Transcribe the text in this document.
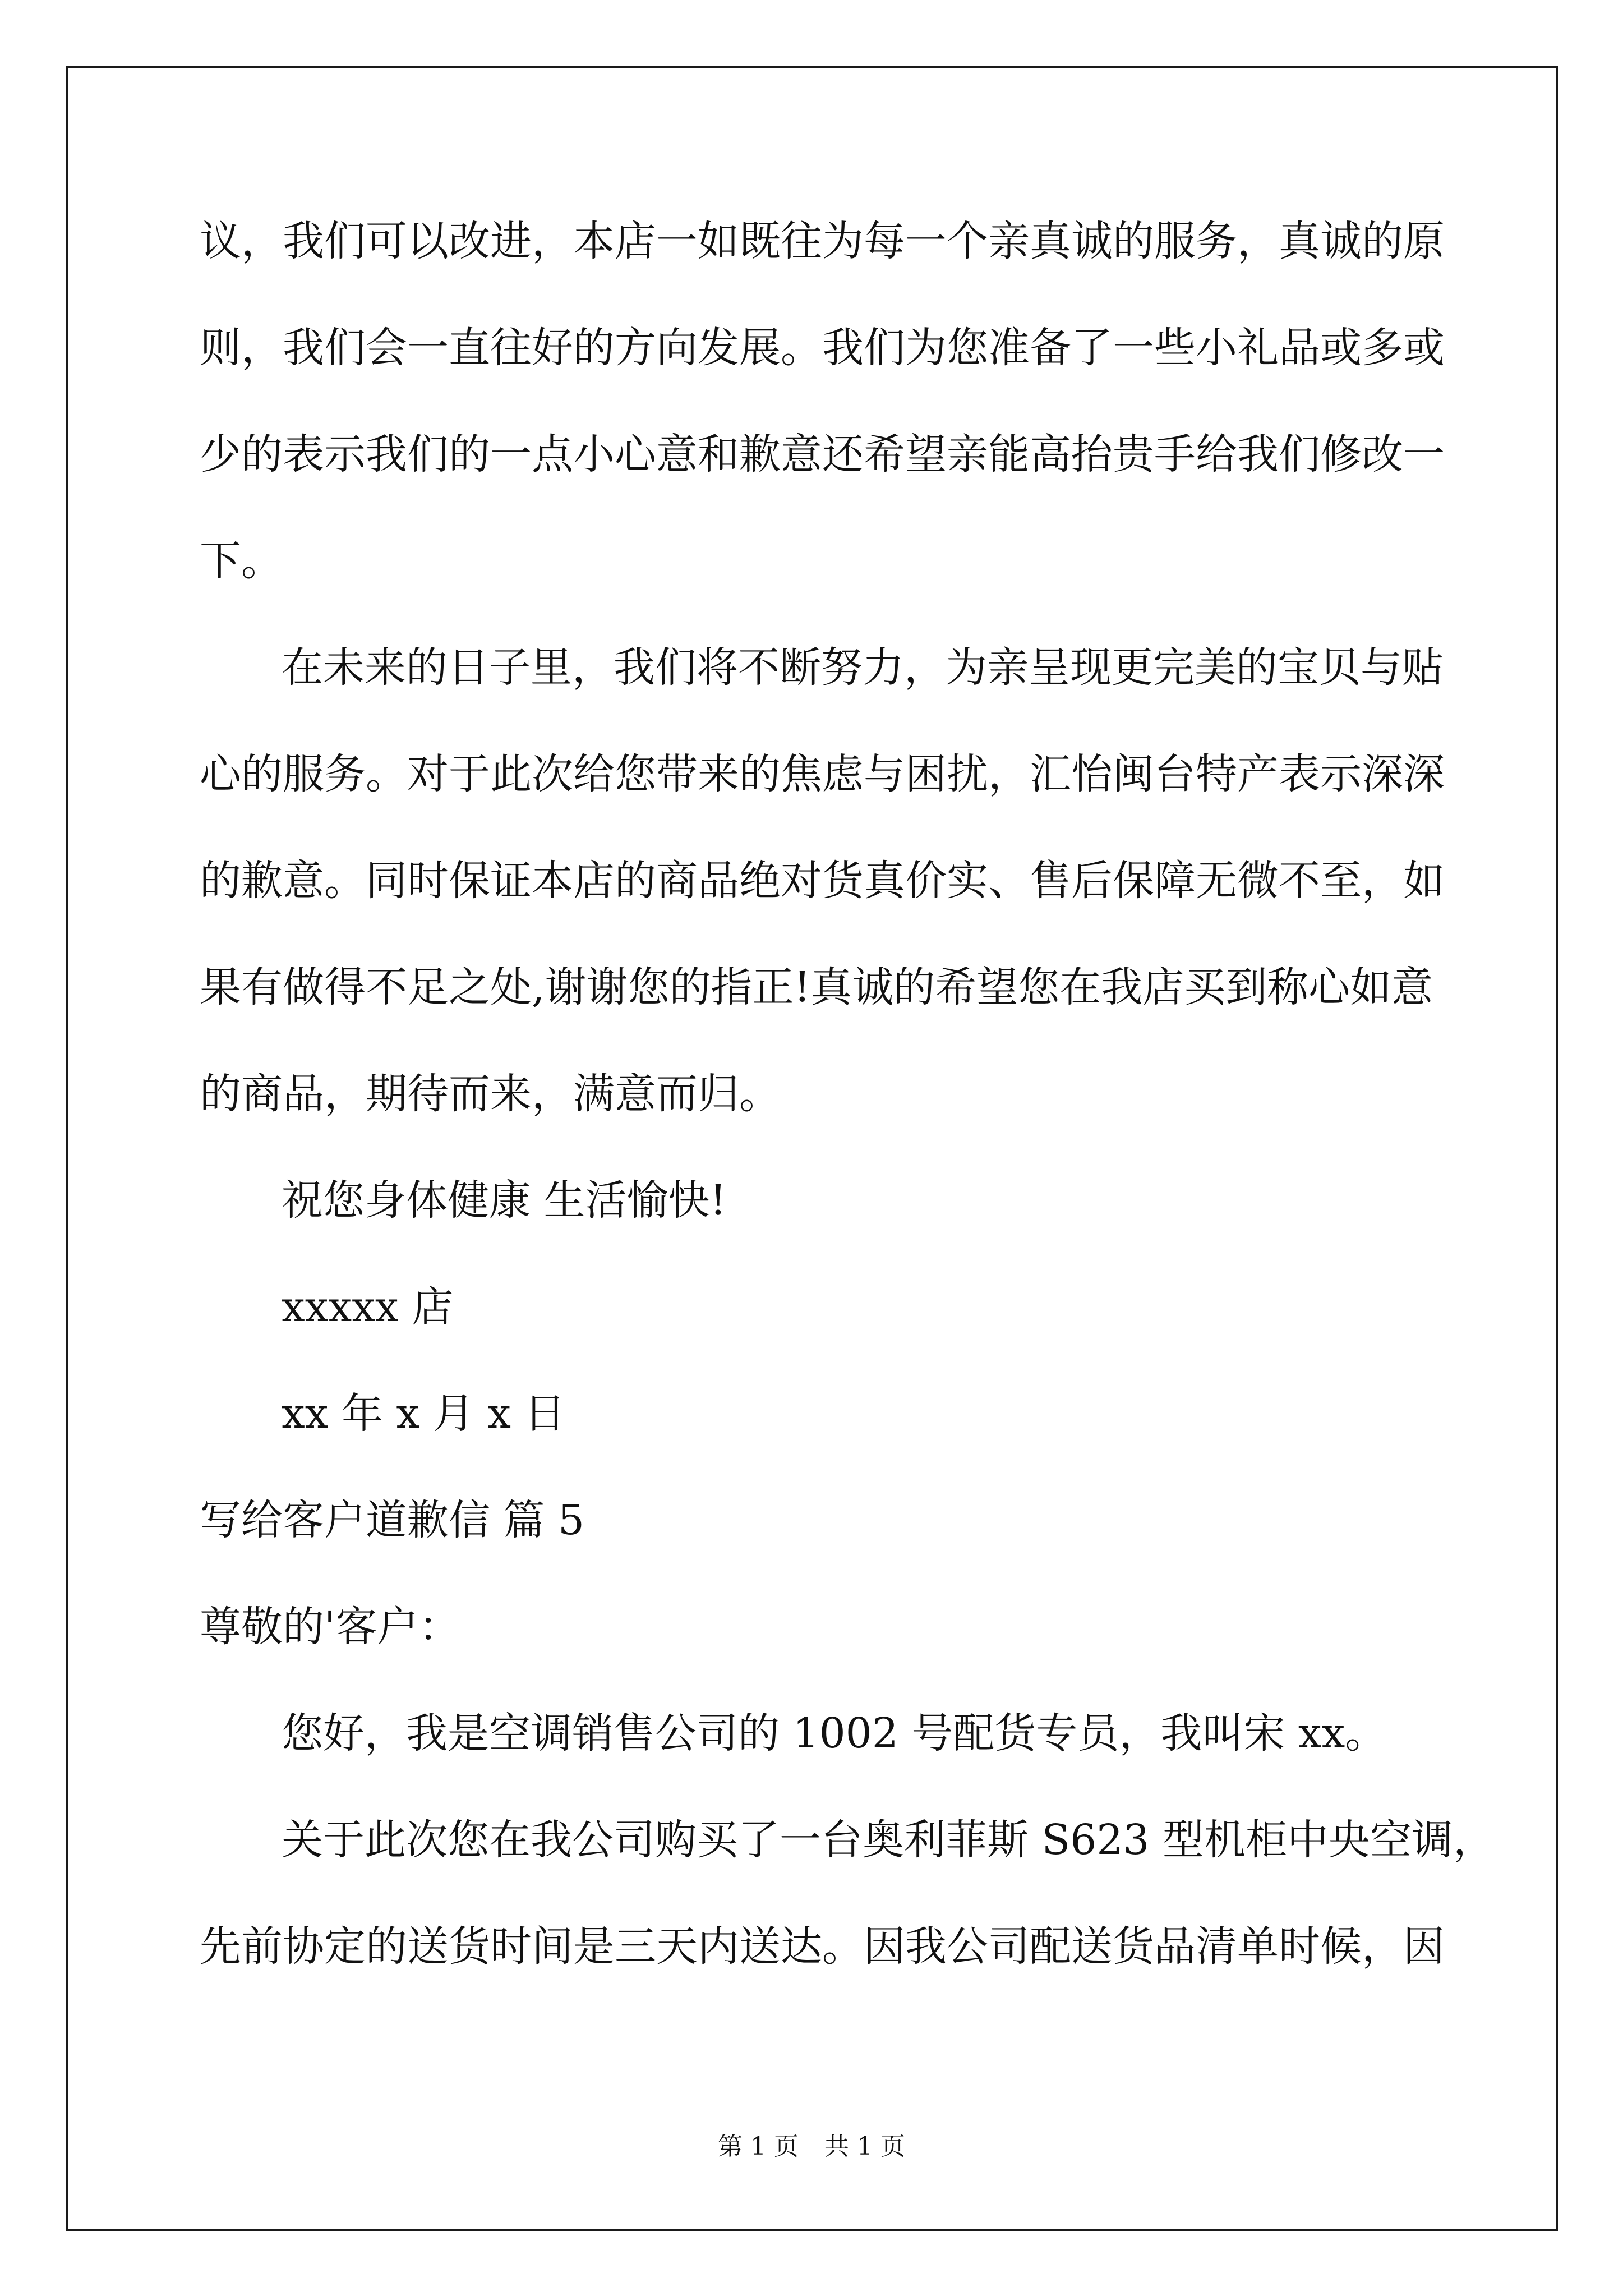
议，我们可以改进，本店一如既往为每一个亲真诚的服务，真诚的原
则，我们会一直往好的方向发展。我们为您准备了一些小礼品或多或
少的表示我们的一点小心意和歉意还希望亲能高抬贵手给我们修改一
下。
在未来的日子里，我们将不断努力，为亲呈现更完美的宝贝与贴
心的服务。对于此次给您带来的焦虑与困扰，汇怡闽台特产表示深深
的歉意。同时保证本店的商品绝对货真价实、售后保障无微不至，如
果有做得不足之处,谢谢您的指正!真诚的希望您在我店买到称心如意
的商品，期待而来，满意而归。
祝您身体健康 生活愉快!
xxxxx 店
xx 年 x 月 x 日
写给客户道歉信 篇 5
尊敬的'客户：
您好，我是空调销售公司的 1002 号配货专员，我叫宋 xx。
关于此次您在我公司购买了一台奥利菲斯 S623 型机柜中央空调，
先前协定的送货时间是三天内送达。因我公司配送货品清单时候，因
第 1 页 共 1 页
